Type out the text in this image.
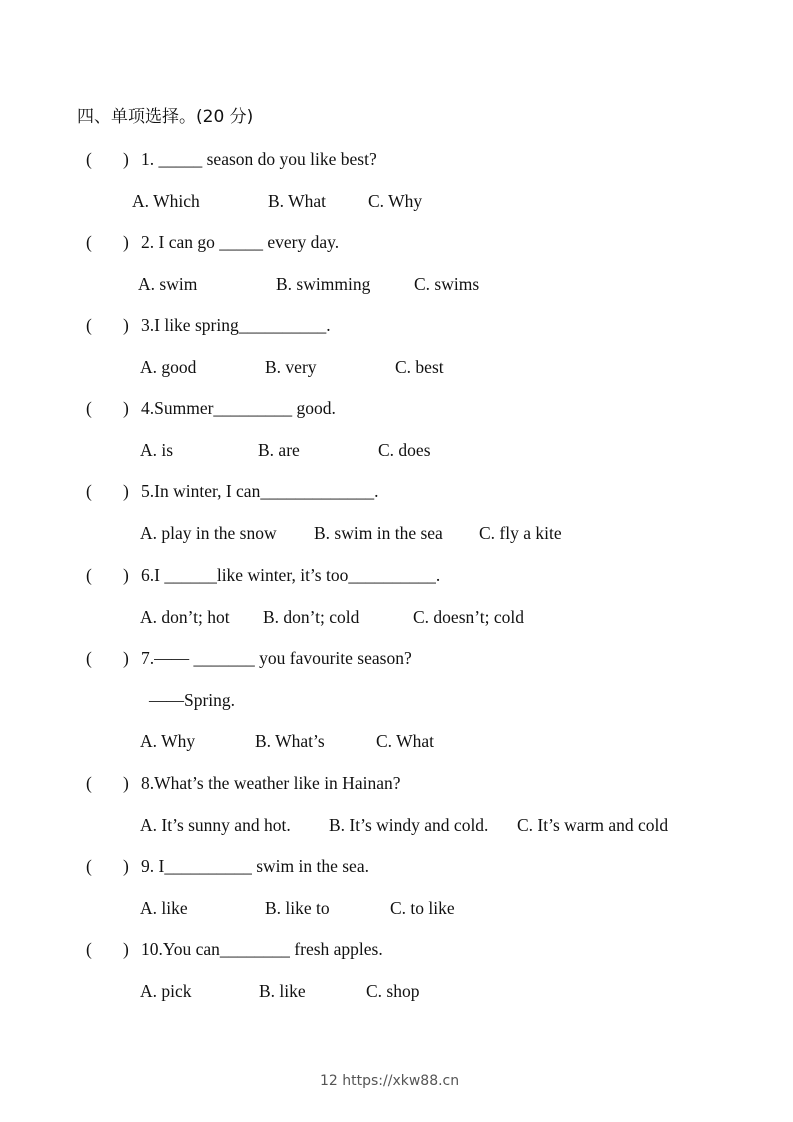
四、单项选择。(20 分)
( ) 1. _____ season do you like best?
A. Which	B. What C. Why
( ) 2. I can go _____ every day.
A. swim	B. swimming C. swims
( ) 3.I like spring__________.
A. good	B. very	C. best
( ) 4.Summer_________ good.
A. is	B. are	C. does
( ) 5.In winter, I can_____________.
A. play in the snow B. swim in the sea C. fly a kite
( ) 6.I ______like winter, it’s too__________.
A. don’t; hot B. don’t; cold	C. doesn’t; cold
( ) 7.—— _______ you favourite season?
——Spring.
A. Why	B. What’s	C. What
( ) 8.What’s the weather like in Hainan?
A. It’s sunny and hot. B. It’s windy and cold. C. It’s warm and cold
( ) 9. I__________ swim in the sea.
A. like	B. like to	C. to like
( ) 10.You can________ fresh apples.
A. pick	B. like	C. shop
12 https://xkw88.cn
